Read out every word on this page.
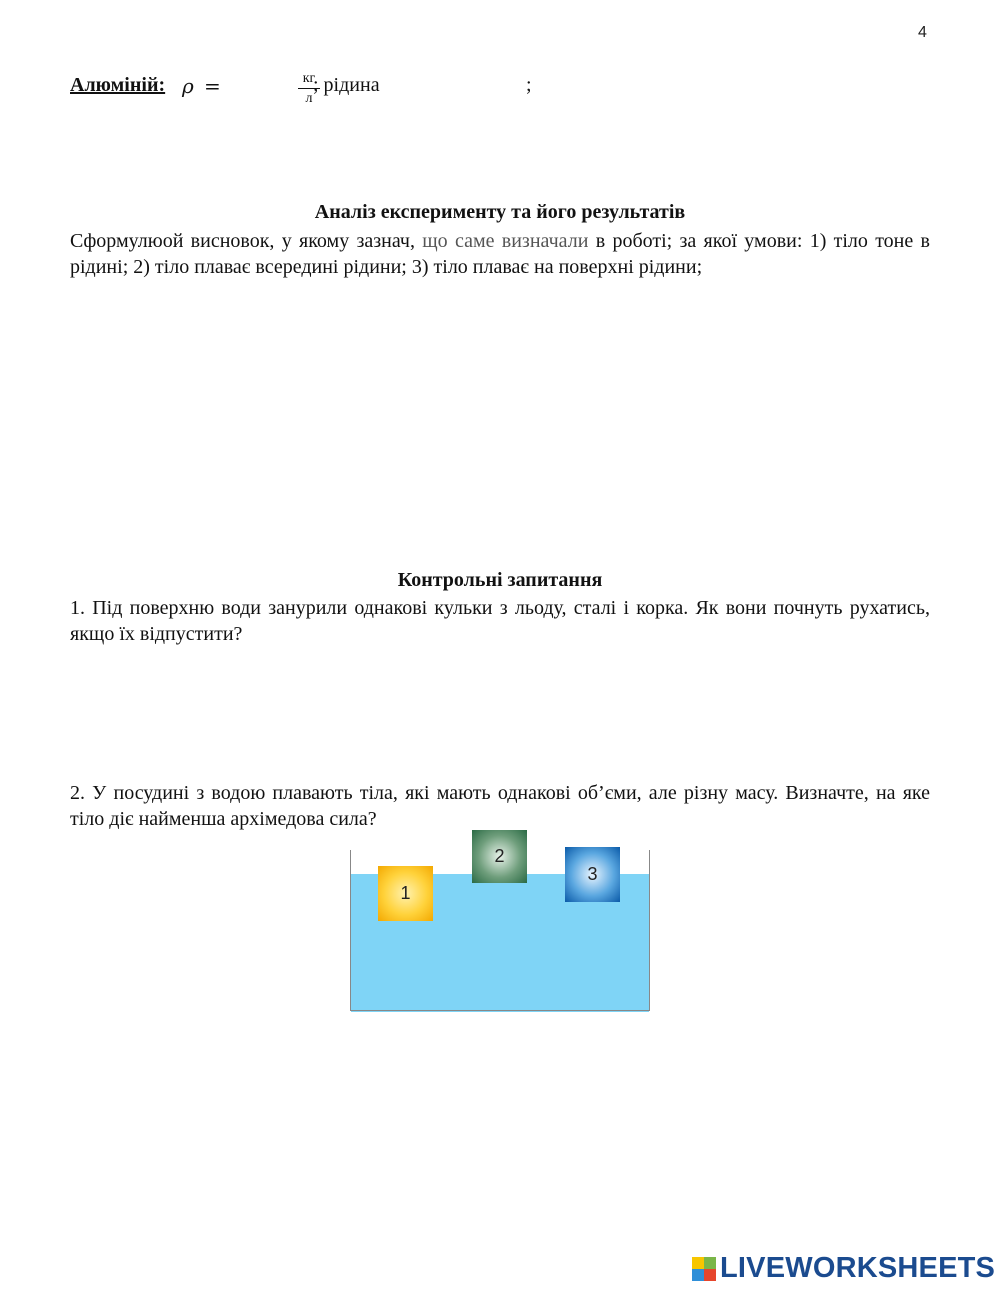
4
Алюміній: ρ =	кг
л
; рідина	;
Аналіз експерименту та його результатів
Сформулюой висновок, у якому зазнач, що саме визначали в роботі; за якої умови: 1) тіло тоне в рідині; 2) тіло плаває всередині рідини; 3) тіло плаває на поверхні рідини;
Контрольні запитання
1. Під поверхню води занурили однакові кульки з льоду, сталі і корка. Як вони почнуть рухатись, якщо їх відпустити?
2. У посудині з водою плавають тіла, які мають однакові об’єми, але різну масу. Визначте, на яке тіло діє найменша архімедова сила?
1
2
3
LIVEWORKSHEETS
